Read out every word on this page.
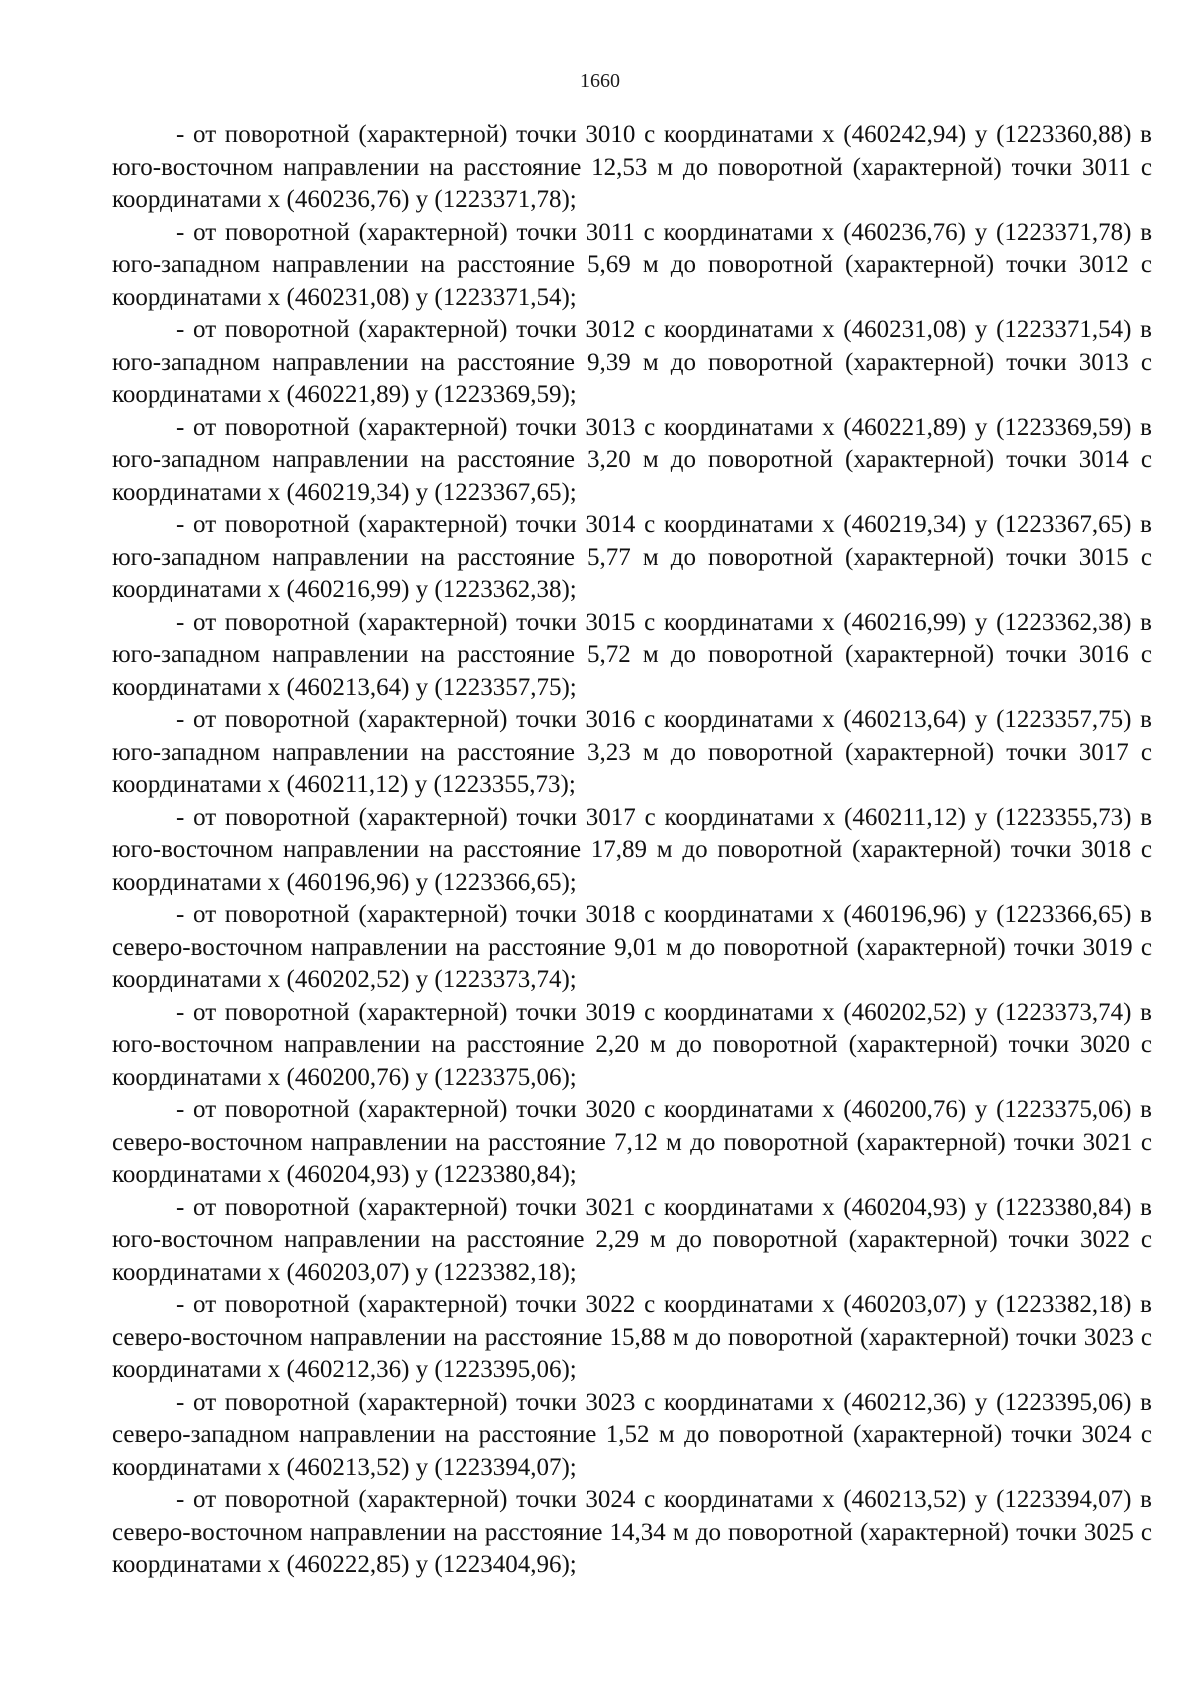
1660

- от поворотной (характерной) точки 3010 с координатами x (460242,94) y (1223360,88) в юго-восточном направлении на расстояние 12,53 м до поворотной (характерной) точки 3011 с координатами x (460236,76) y (1223371,78);

- от поворотной (характерной) точки 3011 с координатами x (460236,76) y (1223371,78) в юго-западном направлении на расстояние 5,69 м до поворотной (характерной) точки 3012 с координатами x (460231,08) y (1223371,54);

- от поворотной (характерной) точки 3012 с координатами x (460231,08) y (1223371,54) в юго-западном направлении на расстояние 9,39 м до поворотной (характерной) точки 3013 с координатами x (460221,89) y (1223369,59);

- от поворотной (характерной) точки 3013 с координатами x (460221,89) y (1223369,59) в юго-западном направлении на расстояние 3,20 м до поворотной (характерной) точки 3014 с координатами x (460219,34) y (1223367,65);

- от поворотной (характерной) точки 3014 с координатами x (460219,34) y (1223367,65) в юго-западном направлении на расстояние 5,77 м до поворотной (характерной) точки 3015 с координатами x (460216,99) y (1223362,38);

- от поворотной (характерной) точки 3015 с координатами x (460216,99) y (1223362,38) в юго-западном направлении на расстояние 5,72 м до поворотной (характерной) точки 3016 с координатами x (460213,64) y (1223357,75);

- от поворотной (характерной) точки 3016 с координатами x (460213,64) y (1223357,75) в юго-западном направлении на расстояние 3,23 м до поворотной (характерной) точки 3017 с координатами x (460211,12) y (1223355,73);

- от поворотной (характерной) точки 3017 с координатами x (460211,12) y (1223355,73) в юго-восточном направлении на расстояние 17,89 м до поворотной (характерной) точки 3018 с координатами x (460196,96) y (1223366,65);

- от поворотной (характерной) точки 3018 с координатами x (460196,96) y (1223366,65) в северо-восточном направлении на расстояние 9,01 м до поворотной (характерной) точки 3019 с координатами x (460202,52) y (1223373,74);

- от поворотной (характерной) точки 3019 с координатами x (460202,52) y (1223373,74) в юго-восточном направлении на расстояние 2,20 м до поворотной (характерной) точки 3020 с координатами x (460200,76) y (1223375,06);

- от поворотной (характерной) точки 3020 с координатами x (460200,76) y (1223375,06) в северо-восточном направлении на расстояние 7,12 м до поворотной (характерной) точки 3021 с координатами x (460204,93) y (1223380,84);

- от поворотной (характерной) точки 3021 с координатами x (460204,93) y (1223380,84) в юго-восточном направлении на расстояние 2,29 м до поворотной (характерной) точки 3022 с координатами x (460203,07) y (1223382,18);

- от поворотной (характерной) точки 3022 с координатами x (460203,07) y (1223382,18) в северо-восточном направлении на расстояние 15,88 м до поворотной (характерной) точки 3023 с координатами x (460212,36) y (1223395,06);

- от поворотной (характерной) точки 3023 с координатами x (460212,36) y (1223395,06) в северо-западном направлении на расстояние 1,52 м до поворотной (характерной) точки 3024 с координатами x (460213,52) y (1223394,07);

- от поворотной (характерной) точки 3024 с координатами x (460213,52) y (1223394,07) в северо-восточном направлении на расстояние 14,34 м до поворотной (характерной) точки 3025 с координатами x (460222,85) y (1223404,96);
